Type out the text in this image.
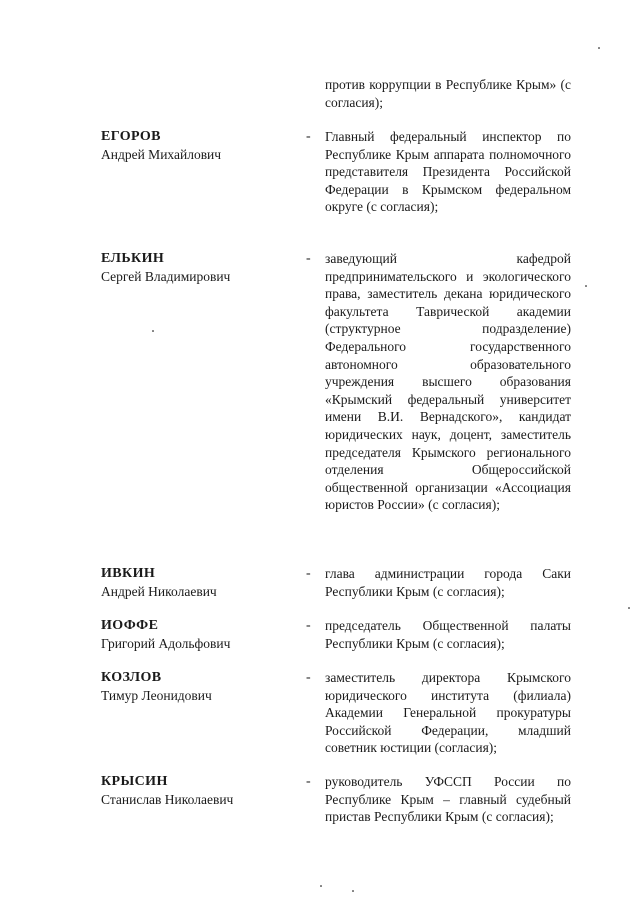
против коррупции в Республике Крым» (с согласия);
ЕГОРОВ
Андрей Михайлович
- Главный федеральный инспектор по Республике Крым аппарата полномочного представителя Президента Российской Федерации в Крымском федеральном округе (с согласия);
ЕЛЬКИН
Сергей Владимирович
- заведующий кафедрой предпринимательского и экологического права, заместитель декана юридического факультета Таврической академии (структурное подразделение) Федерального государственного автономного образовательного учреждения высшего образования «Крымский федеральный университет имени В.И. Вернадского», кандидат юридических наук, доцент, заместитель председателя Крымского регионального отделения Общероссийской общественной организации «Ассоциация юристов России» (с согласия);
ИВКИН
Андрей Николаевич
- глава администрации города Саки Республики Крым (с согласия);
ИОФФЕ
Григорий Адольфович
- председатель Общественной палаты Республики Крым (с согласия);
КОЗЛОВ
Тимур Леонидович
- заместитель директора Крымского юридического института (филиала) Академии Генеральной прокуратуры Российской Федерации, младший советник юстиции (согласия);
КРЫСИН
Станислав Николаевич
- руководитель УФССП России по Республике Крым – главный судебный пристав Республики Крым (с согласия);
